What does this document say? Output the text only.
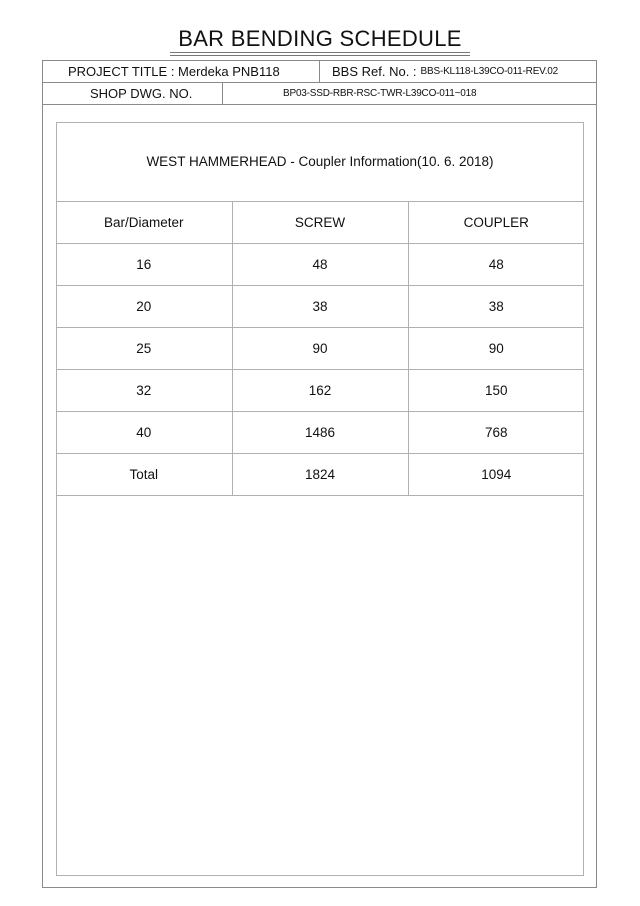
BAR BENDING SCHEDULE
PROJECT TITLE : Merdeka PNB118	BBS Ref. No. : BBS-KL118-L39CO-011-REV.02
SHOP DWG. NO.	BP03-SSD-RBR-RSC-TWR-L39CO-011~018
WEST HAMMERHEAD - Coupler Information(10. 6. 2018)
Bar/Diameter	SCREW	COUPLER
16	48	48
20	38	38
25	90	90
32	162	150
40	1486	768
Total	1824	1094
